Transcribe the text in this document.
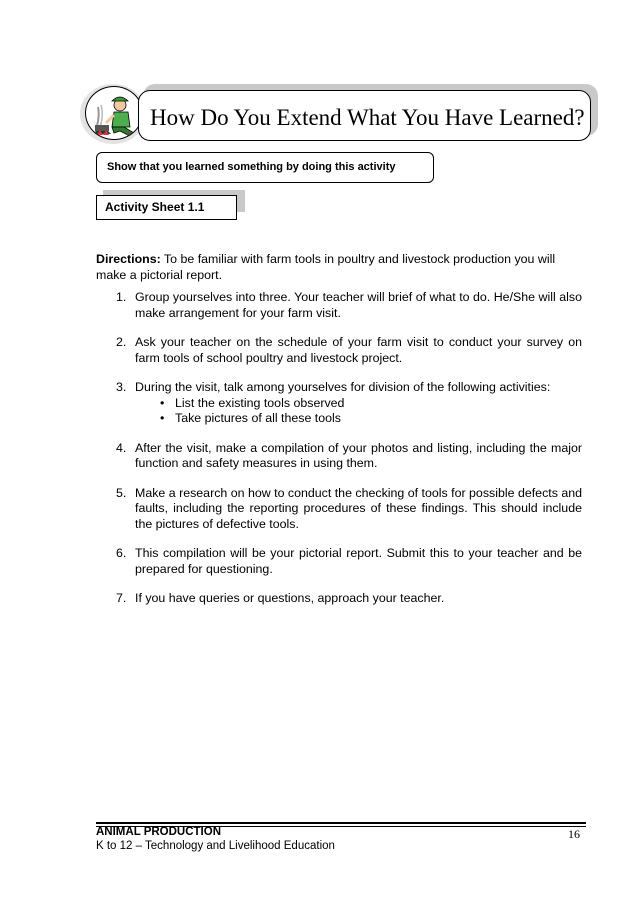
How Do You Extend What You Have Learned?
Show that you learned something by doing this activity
Activity Sheet 1.1
Directions: To be familiar with farm tools in poultry and livestock production you will make a pictorial report.
1. Group yourselves into three. Your teacher will brief of what to do. He/She will also make arrangement for your farm visit.
2. Ask your teacher on the schedule of your farm visit to conduct your survey on farm tools of school poultry and livestock project.
3. During the visit, talk among yourselves for division of the following activities:
• List the existing tools observed
• Take pictures of all these tools
4. After the visit, make a compilation of your photos and listing, including the major function and safety measures in using them.
5. Make a research on how to conduct the checking of tools for possible defects and faults, including the reporting procedures of these findings. This should include the pictures of defective tools.
6. This compilation will be your pictorial report. Submit this to your teacher and be prepared for questioning.
7. If you have queries or questions, approach your teacher.
ANIMAL PRODUCTION	16
K to 12 – Technology and Livelihood Education
